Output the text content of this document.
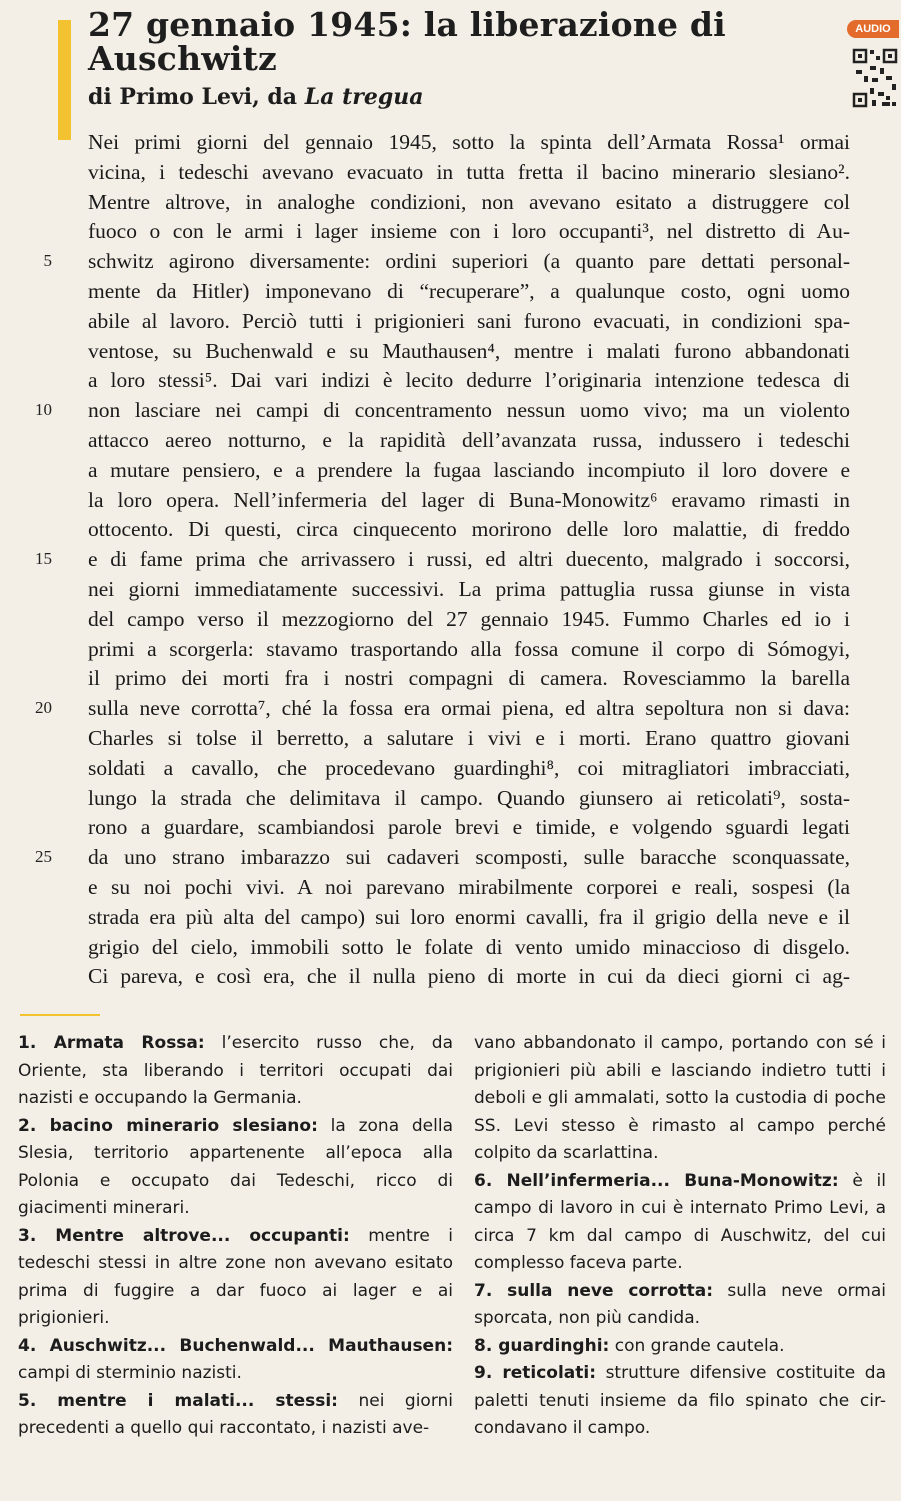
27 gennaio 1945: la liberazione di Auschwitz
di Primo Levi, da La tregua
AUDIO
Nei primi giorni del gennaio 1945, sotto la spinta dell’Armata Rossa¹ ormai
vicina, i tedeschi avevano evacuato in tutta fretta il bacino minerario slesiano².
Mentre altrove, in analoghe condizioni, non avevano esitato a distruggere col
fuoco o con le armi i lager insieme con i loro occupanti³, nel distretto di Au-
5 schwitz agirono diversamente: ordini superiori (a quanto pare dettati personal-
mente da Hitler) imponevano di “recuperare”, a qualunque costo, ogni uomo
abile al lavoro. Perciò tutti i prigionieri sani furono evacuati, in condizioni spa-
ventose, su Buchenwald e su Mauthausen⁴, mentre i malati furono abbandonati
a loro stessi⁵. Dai vari indizi è lecito dedurre l’originaria intenzione tedesca di
10 non lasciare nei campi di concentramento nessun uomo vivo; ma un violento
attacco aereo notturno, e la rapidità dell’avanzata russa, indussero i tedeschi
a mutare pensiero, e a prendere la fugaa lasciando incompiuto il loro dovere e
la loro opera. Nell’infermeria del lager di Buna-Monowitz⁶ eravamo rimasti in
ottocento. Di questi, circa cinquecento morirono delle loro malattie, di freddo
15 e di fame prima che arrivassero i russi, ed altri duecento, malgrado i soccorsi,
nei giorni immediatamente successivi. La prima pattuglia russa giunse in vista
del campo verso il mezzogiorno del 27 gennaio 1945. Fummo Charles ed io i
primi a scorgerla: stavamo trasportando alla fossa comune il corpo di Sómogyi,
il primo dei morti fra i nostri compagni di camera. Rovesciammo la barella
20 sulla neve corrotta⁷, ché la fossa era ormai piena, ed altra sepoltura non si dava:
Charles si tolse il berretto, a salutare i vivi e i morti. Erano quattro giovani
soldati a cavallo, che procedevano guardinghi⁸, coi mitragliatori imbracciati,
lungo la strada che delimitava il campo. Quando giunsero ai reticolati⁹, sosta-
rono a guardare, scambiandosi parole brevi e timide, e volgendo sguardi legati
25 da uno strano imbarazzo sui cadaveri scomposti, sulle baracche sconquassate,
e su noi pochi vivi. A noi parevano mirabilmente corporei e reali, sospesi (la
strada era più alta del campo) sui loro enormi cavalli, fra il grigio della neve e il
grigio del cielo, immobili sotto le folate di vento umido minaccioso di disgelo.
Ci pareva, e così era, che il nulla pieno di morte in cui da dieci giorni ci ag-

1. Armata Rossa: l’esercito russo che, da Oriente, sta liberando i territori occupati dai nazisti e occupando la Germania.

2. bacino minerario slesiano: la zona della Slesia, territorio appartenente all’epoca alla Polonia e occupato dai Tedeschi, ricco di giacimenti minerari.

3. Mentre altrove... occupanti: mentre i tedeschi stessi in altre zone non avevano esitato prima di fuggire a dar fuoco ai lager e ai prigionieri.

4. Auschwitz... Buchenwald... Mauthausen: campi di sterminio nazisti.

5. mentre i malati... stessi: nei giorni precedenti a quello qui raccontato, i nazisti ave-

vano abbandonato il campo, portando con sé i prigionieri più abili e lasciando indietro tutti i deboli e gli ammalati, sotto la custodia di poche SS. Levi stesso è rimasto al campo perché colpito da scarlattina.

6. Nell’infermeria... Buna-Monowitz: è il campo di lavoro in cui è internato Primo Levi, a circa 7 km dal campo di Auschwitz, del cui complesso faceva parte.

7. sulla neve corrotta: sulla neve ormai sporcata, non più candida.

8. guardinghi: con grande cautela.

9. reticolati: strutture difensive costituite da paletti tenuti insieme da filo spinato che cir- condavano il campo.
